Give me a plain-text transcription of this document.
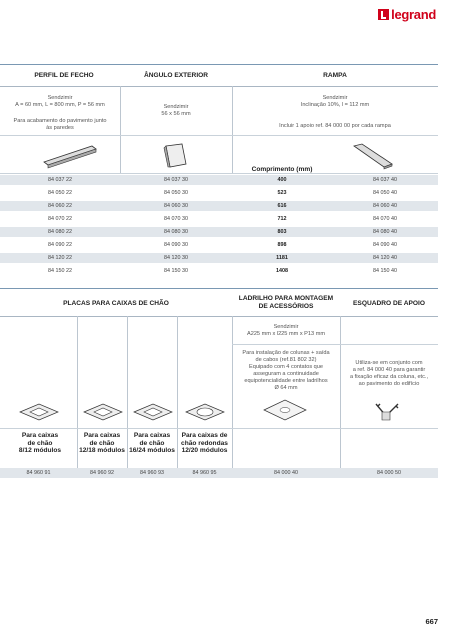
legrand
PERFIL DE FECHO	ÂNGULO EXTERIOR	RAMPA
Sendzimir
A = 60 mm, L = 800 mm, P = 56 mm
Para acabamento do pavimento junto
às paredes
Sendzimir
56 x 56 mm
Sendzimir
Inclinação 10%, l = 112 mm
Incluir 1 apoio ref. 84 000 00 por cada rampa
Comprimento (mm)
84 037 22	84 037 30	400	84 037 40
84 050 22	84 050 30	523	84 050 40
84 060 22	84 060 30	616	84 060 40
84 070 22	84 070 30	712	84 070 40
84 080 22	84 080 30	803	84 080 40
84 090 22	84 090 30	898	84 090 40
84 120 22	84 120 30	1181	84 120 40
84 150 22	84 150 30	1408	84 150 40
PLACAS PARA CAIXAS DE CHÃO
LADRILHO PARA MONTAGEM
DE ACESSÓRIOS	ESQUADRO DE APOIO
Sendzimir
A225 mm x l225 mm x P13 mm
Para instalação de colunas + saída
de cabos (ref.81 802 32)
Equipado com 4 contatos que
asseguram a continuidade
equipotencialidade entre ladrilhos
Ø 64 mm
Utiliza-se em conjunto com
a ref. 84 000 40 para garantir
a fixação eficaz da coluna, etc.,
ao pavimento do edifício
Para caixas
de chão
8/12 módulos
Para caixas
de chão
12/18 módulos
Para caixas
de chão
16/24 módulos
Para caixas de
chão redondas
12/20 módulos
84 960 91	84 960 92	84 960 93	84 960 95	84 000 40	84 000 50
667
